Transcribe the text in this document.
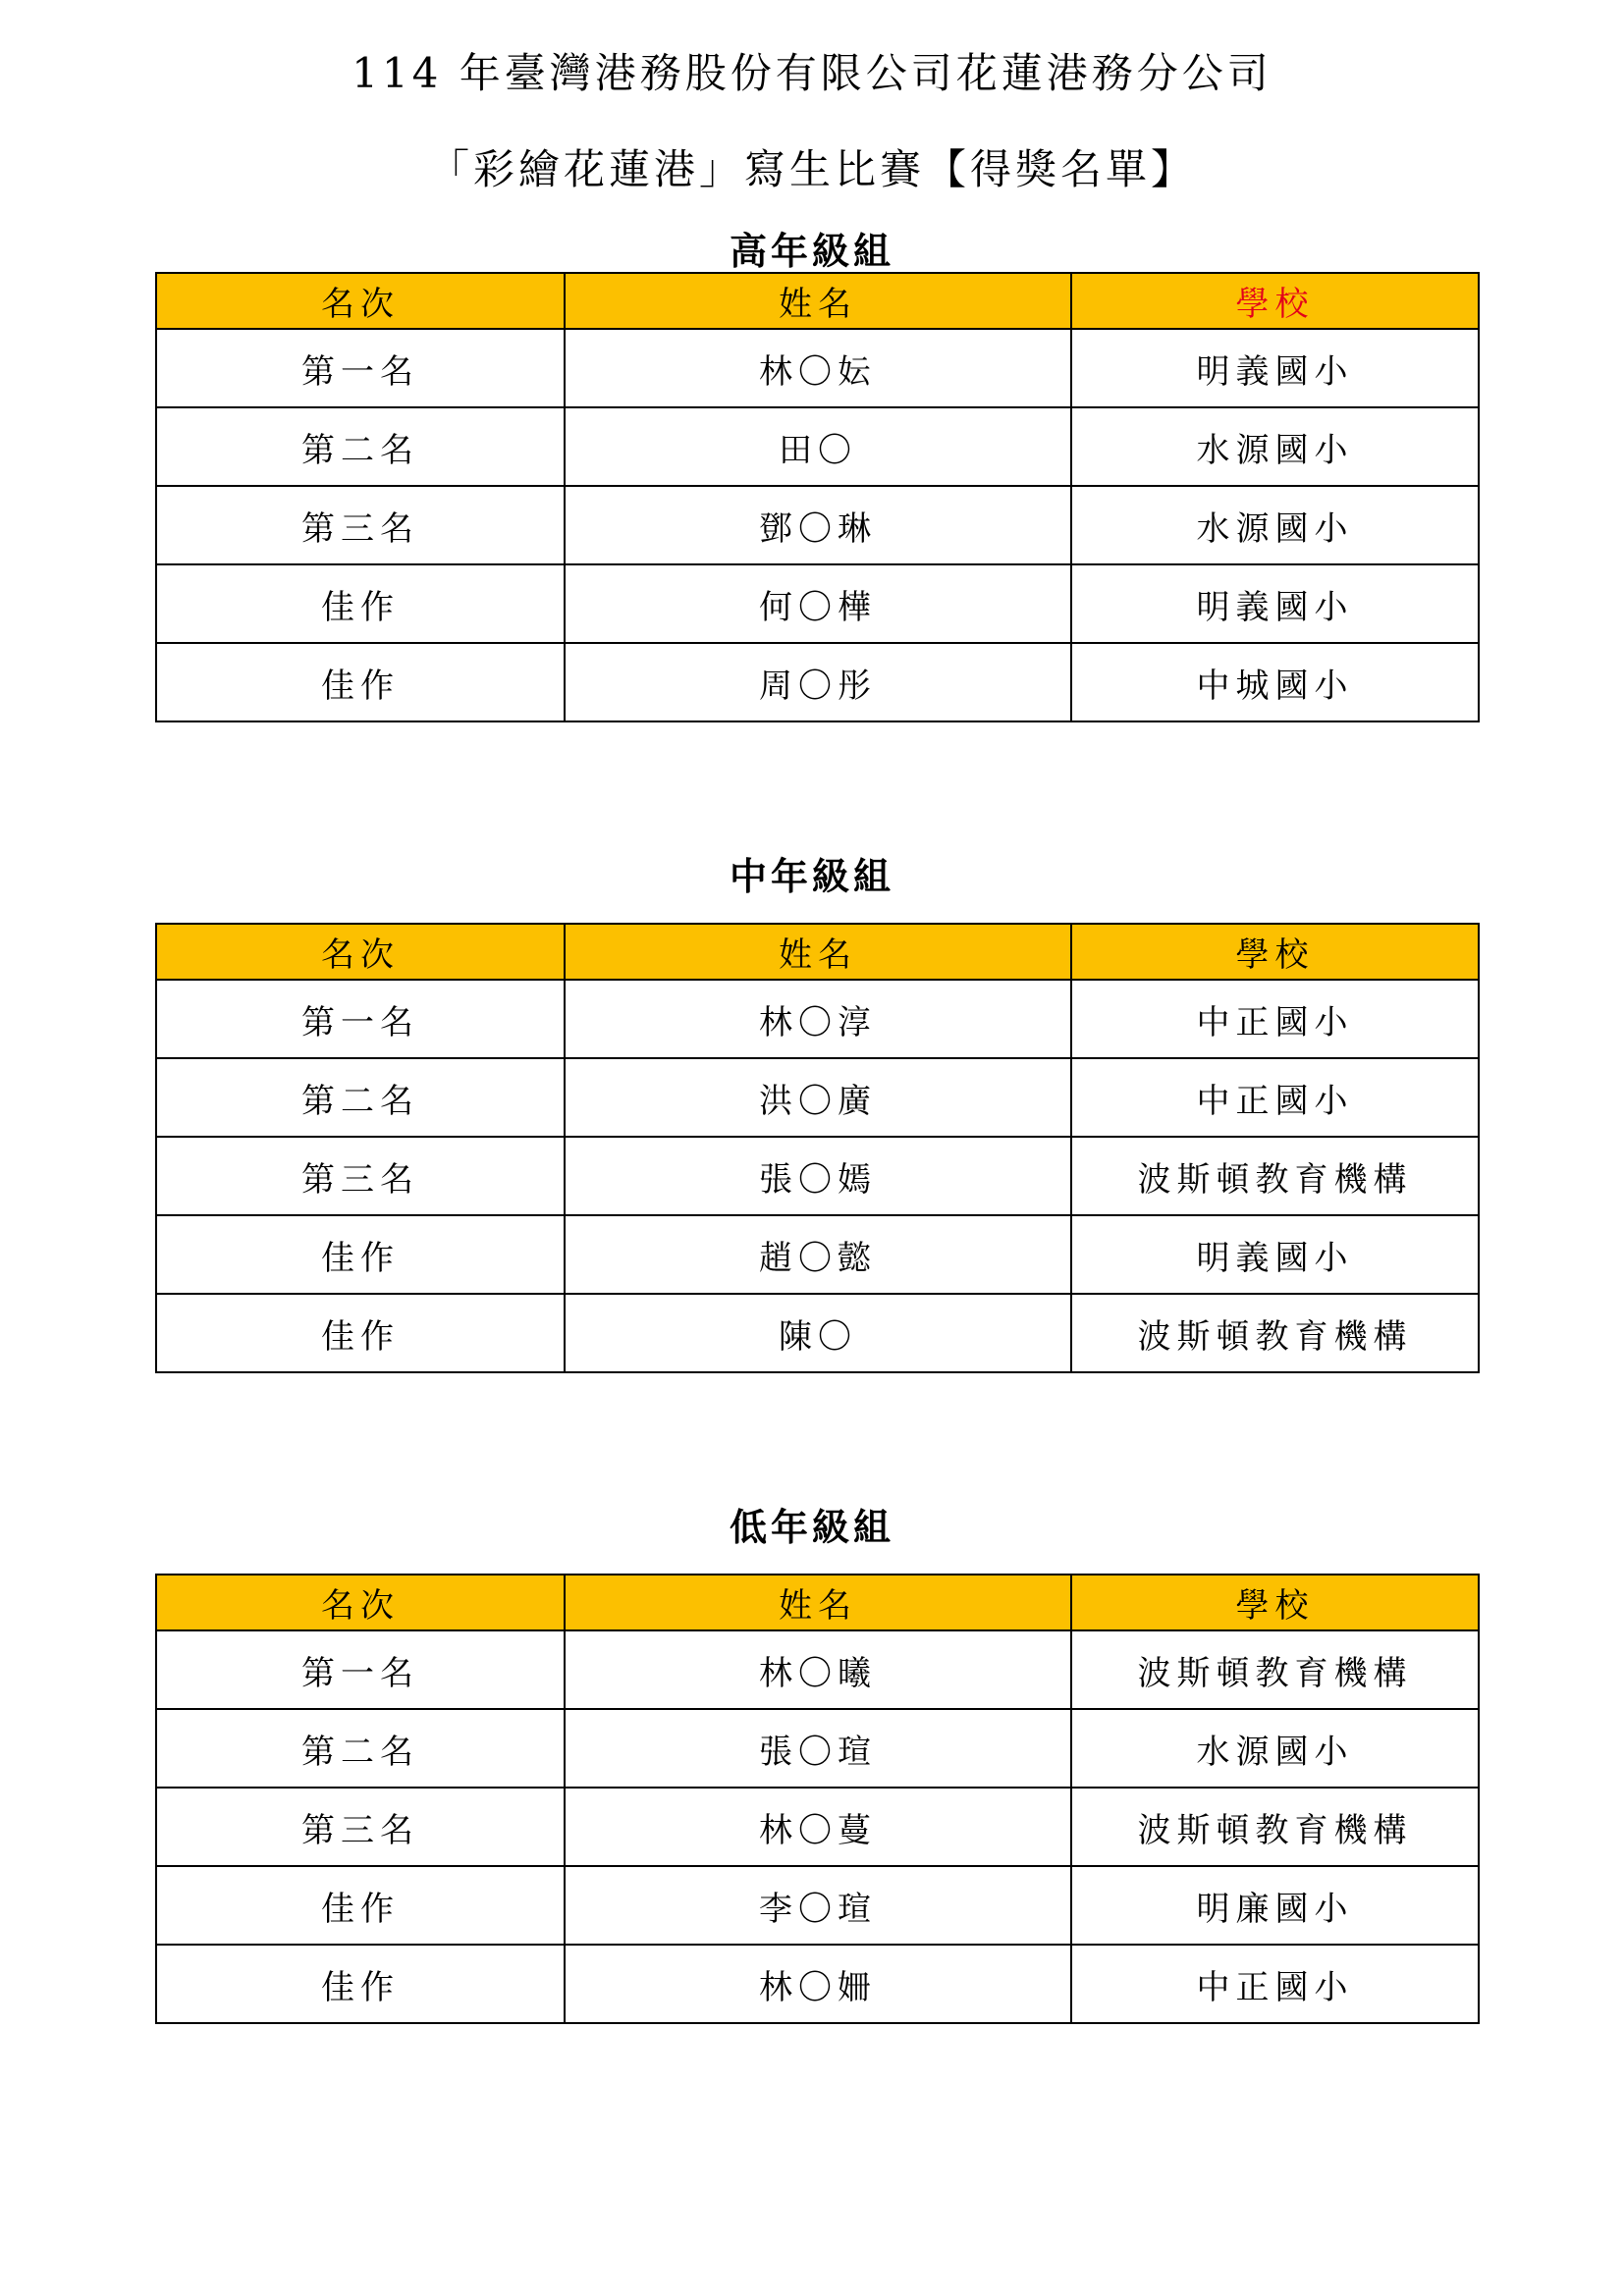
114 年臺灣港務股份有限公司花蓮港務分公司
「彩繪花蓮港」寫生比賽【得獎名單】
高年級組
名次	姓名	學校
第一名	林〇妘	明義國小
第二名	田〇	水源國小
第三名	鄧〇琳	水源國小
佳作	何〇樺	明義國小
佳作	周〇彤	中城國小
中年級組
名次	姓名	學校
第一名	林〇淳	中正國小
第二名	洪〇廣	中正國小
第三名	張〇嫣	波斯頓教育機構
佳作	趙〇懿	明義國小
佳作	陳〇	波斯頓教育機構
低年級組
名次	姓名	學校
第一名	林〇曦	波斯頓教育機構
第二名	張〇瑄	水源國小
第三名	林〇蔓	波斯頓教育機構
佳作	李〇瑄	明廉國小
佳作	林〇姍	中正國小
